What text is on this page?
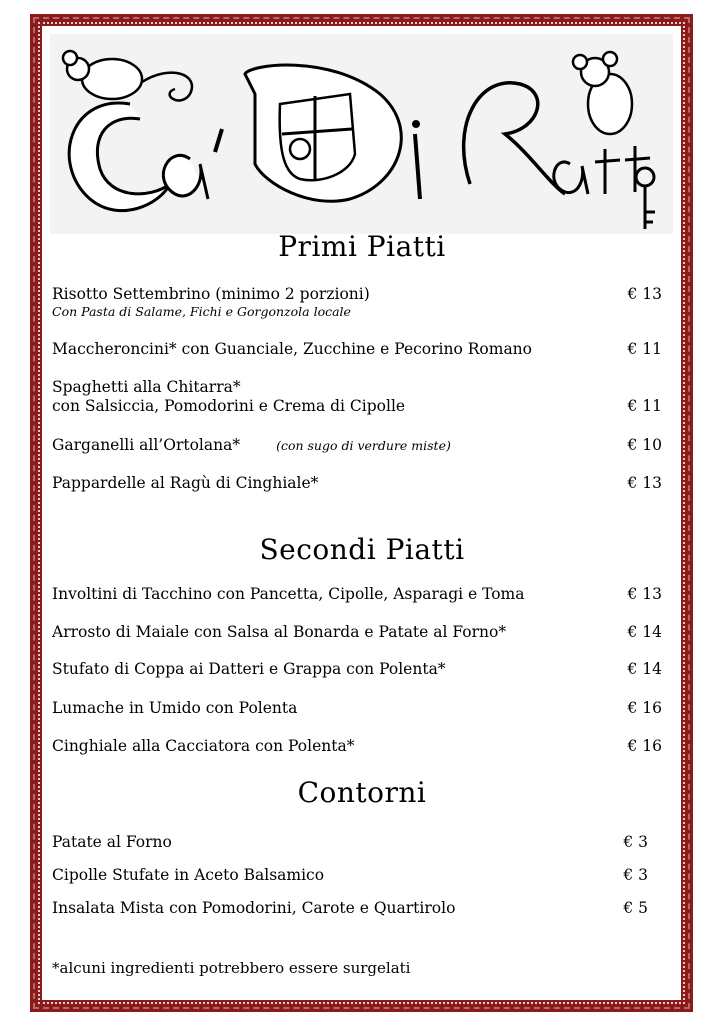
Primi Piatti
Risotto Settembrino (minimo 2 porzioni)
Con Pasta di Salame, Fichi e Gorgonzola locale
€ 13
Maccheroncini* con Guanciale, Zucchine e Pecorino Romano	€ 11
Spaghetti alla Chitarra*
con Salsiccia, Pomodorini e Crema di Cipolle	€ 11
Garganelli all’Ortolana*	(con sugo di verdure miste)	€ 10
Pappardelle al Ragù di Cinghiale*	€ 13
Secondi Piatti
Involtini di Tacchino con Pancetta, Cipolle, Asparagi e Toma	€ 13
Arrosto di Maiale con Salsa al Bonarda e Patate al Forno*	€ 14
Stufato di Coppa ai Datteri e Grappa con Polenta*	€ 14
Lumache in Umido con Polenta	€ 16
Cinghiale alla Cacciatora con Polenta*	€ 16
Contorni
Patate al Forno	€ 3
Cipolle Stufate in Aceto Balsamico	€ 3
Insalata Mista con Pomodorini, Carote e Quartirolo	€ 5
*alcuni ingredienti potrebbero essere surgelati
